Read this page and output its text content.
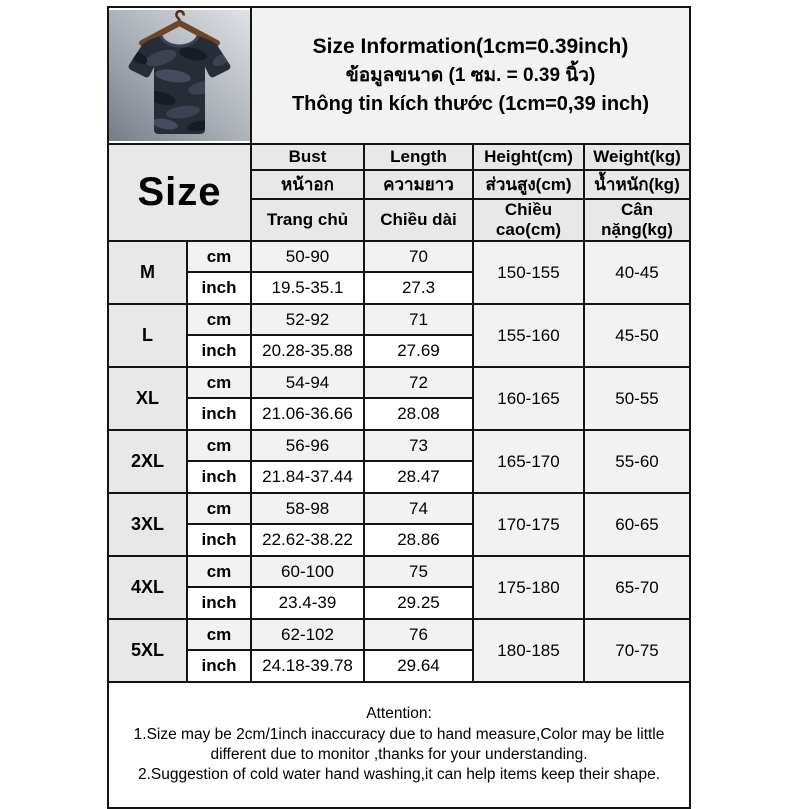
Size Information(1cm=0.39inch)
ข้อมูลขนาด (1 ซม. = 0.39 นิ้ว)
Thông tin kích thước (1cm=0,39 inch)			

Size		Bust	Length	Height(cm)	Weight(kg)
		หน้าอก	ความยาว	ส่วนสูง(cm)	น้ำหนัก(kg)
		Trang chủ	Chiều dài	Chiều cao(cm)	Cân nặng(kg)
M	cm	50-90	70	150-155	40-45
	inch	19.5-35.1	27.3		
L	cm	52-92	71	155-160	45-50
	inch	20.28-35.88	27.69		
XL	cm	54-94	72	160-165	50-55
	inch	21.06-36.66	28.08		
2XL	cm	56-96	73	165-170	55-60
	inch	21.84-37.44	28.47		
3XL	cm	58-98	74	170-175	60-65
	inch	22.62-38.22	28.86		
4XL	cm	60-100	75	175-180	65-70
	inch	23.4-39	29.25		
5XL	cm	62-102	76	180-185	70-75
	inch	24.18-39.78	29.64		

Attention:

1.Size may be 2cm/1inch inaccuracy due to hand measure,Color may be little different due to monitor ,thanks for your understanding.

2.Suggestion of cold water hand washing,it can help items keep their shape.					
